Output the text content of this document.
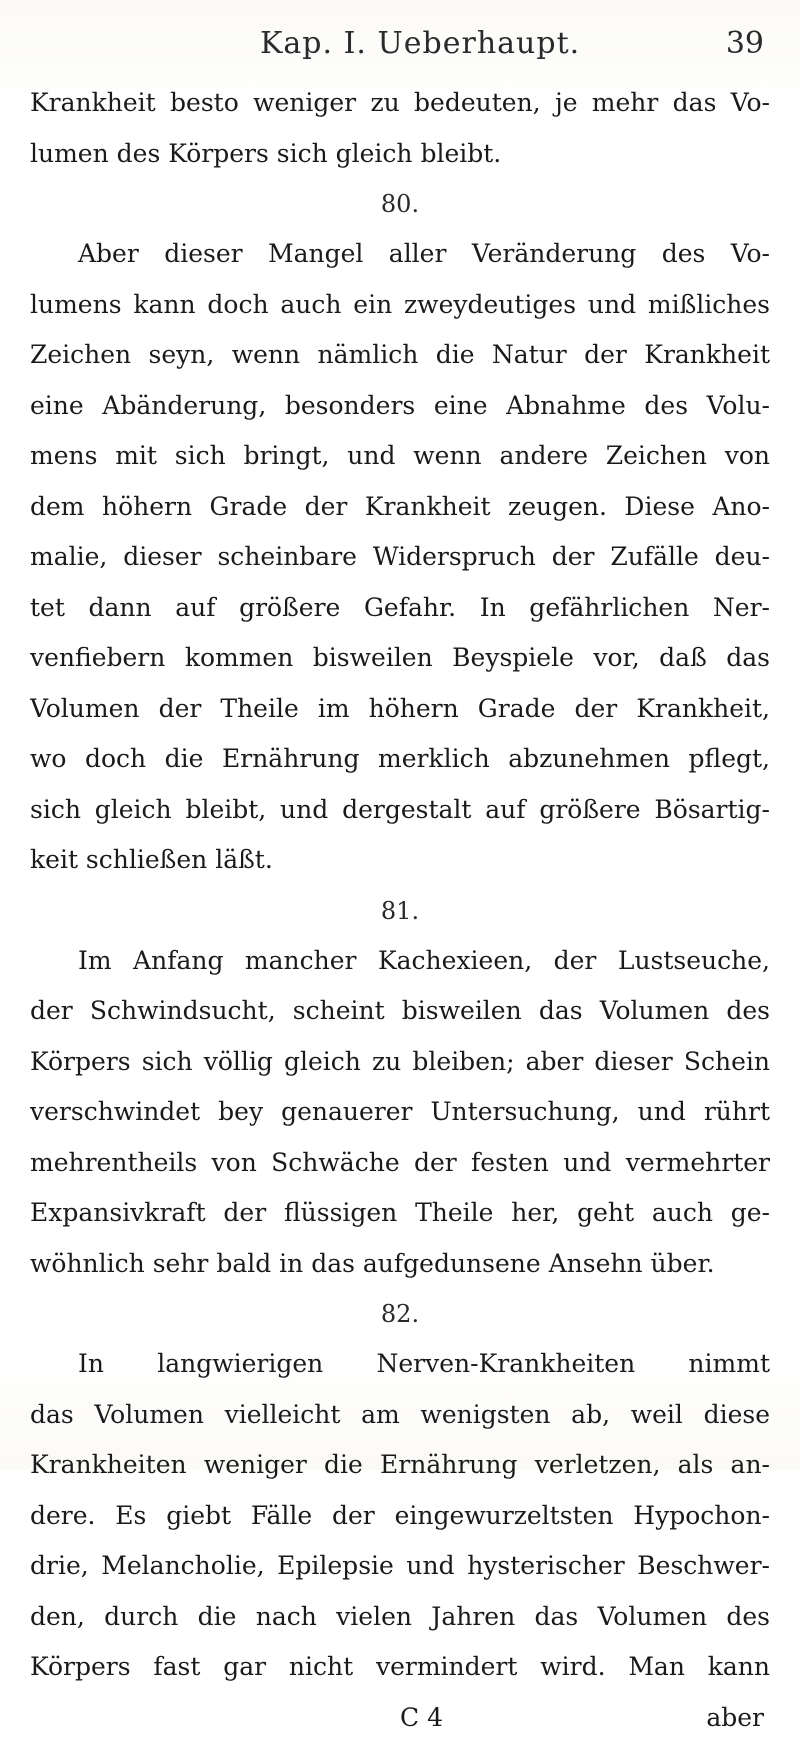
Kap. I. Ueberhaupt.	39
Krankheit besto weniger zu bedeuten, je mehr das Vo-
lumen des Körpers sich gleich bleibt.
80.
Aber dieser Mangel aller Veränderung des Vo-
lumens kann doch auch ein zweydeutiges und mißliches
Zeichen seyn, wenn nämlich die Natur der Krankheit
eine Abänderung, besonders eine Abnahme des Volu-
mens mit sich bringt, und wenn andere Zeichen von
dem höhern Grade der Krankheit zeugen. Diese Ano-
malie, dieser scheinbare Widerspruch der Zufälle deu-
tet dann auf größere Gefahr. In gefährlichen Ner-
venfiebern kommen bisweilen Beyspiele vor, daß das
Volumen der Theile im höhern Grade der Krankheit,
wo doch die Ernährung merklich abzunehmen pflegt,
sich gleich bleibt, und dergestalt auf größere Bösartig-
keit schließen läßt.
81.
Im Anfang mancher Kachexieen, der Lustseuche,
der Schwindsucht, scheint bisweilen das Volumen des
Körpers sich völlig gleich zu bleiben; aber dieser Schein
verschwindet bey genauerer Untersuchung, und rührt
mehrentheils von Schwäche der festen und vermehrter
Expansivkraft der flüssigen Theile her, geht auch ge-
wöhnlich sehr bald in das aufgedunsene Ansehn über.
82.
In langwierigen Nerven-Krankheiten nimmt
das Volumen vielleicht am wenigsten ab, weil diese
Krankheiten weniger die Ernährung verletzen, als an-
dere. Es giebt Fälle der eingewurzeltsten Hypochon-
drie, Melancholie, Epilepsie und hysterischer Beschwer-
den, durch die nach vielen Jahren das Volumen des
Körpers fast gar nicht vermindert wird. Man kann
C 4	aber
